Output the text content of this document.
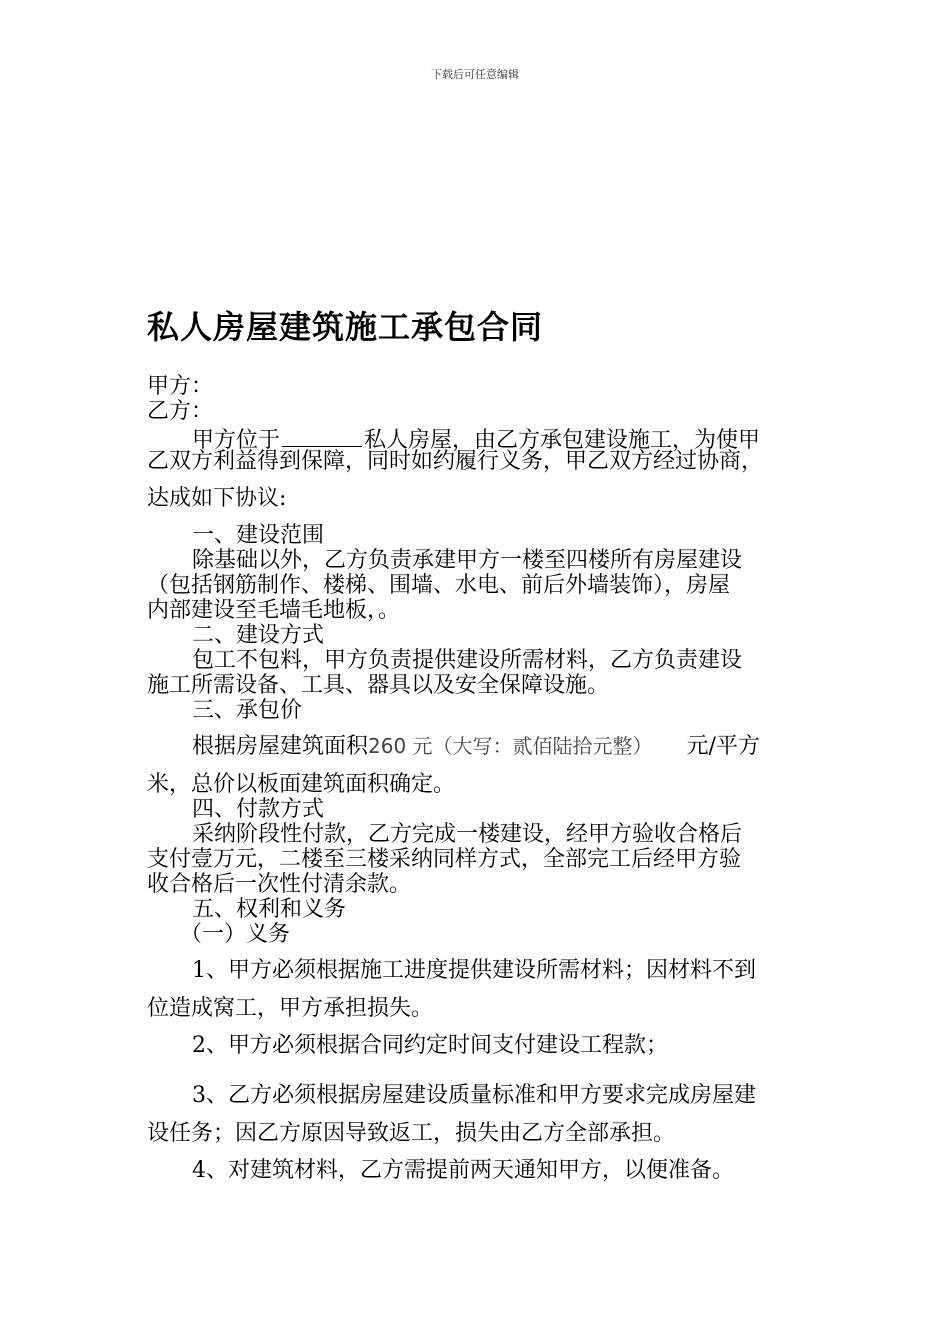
下载后可任意编辑
私人房屋建筑施工承包合同
甲方：
乙方：
甲方位于	私人房屋，由乙方承包建设施工，为使甲
乙双方利益得到保障，同时如约履行义务，甲乙双方经过协商，
达成如下协议:
一、建设范围
除基础以外，乙方负责承建甲方一楼至四楼所有房屋建设
（包括钢筋制作、楼梯、围墙、水电、前后外墙装饰），房屋
内部建设至毛墙毛地板，。
二、建设方式
包工不包料，甲方负责提供建设所需材料，乙方负责建设
施工所需设备、工具、器具以及安全保障设施。
三、承包价
根据房屋建筑面积260 元（大写：贰佰陆拾元整） 元/平方
米，总价以板面建筑面积确定。
四、付款方式
采纳阶段性付款，乙方完成一楼建设，经甲方验收合格后
支付壹万元，二楼至三楼采纳同样方式，全部完工后经甲方验
收合格后一次性付清余款。
五、权利和义务
（一）义务
1、甲方必须根据施工进度提供建设所需材料；因材料不到
位造成窝工，甲方承担损失。
2、甲方必须根据合同约定时间支付建设工程款；
3、乙方必须根据房屋建设质量标准和甲方要求完成房屋建
设任务；因乙方原因导致返工，损失由乙方全部承担。
4、对建筑材料，乙方需提前两天通知甲方，以便准备。
